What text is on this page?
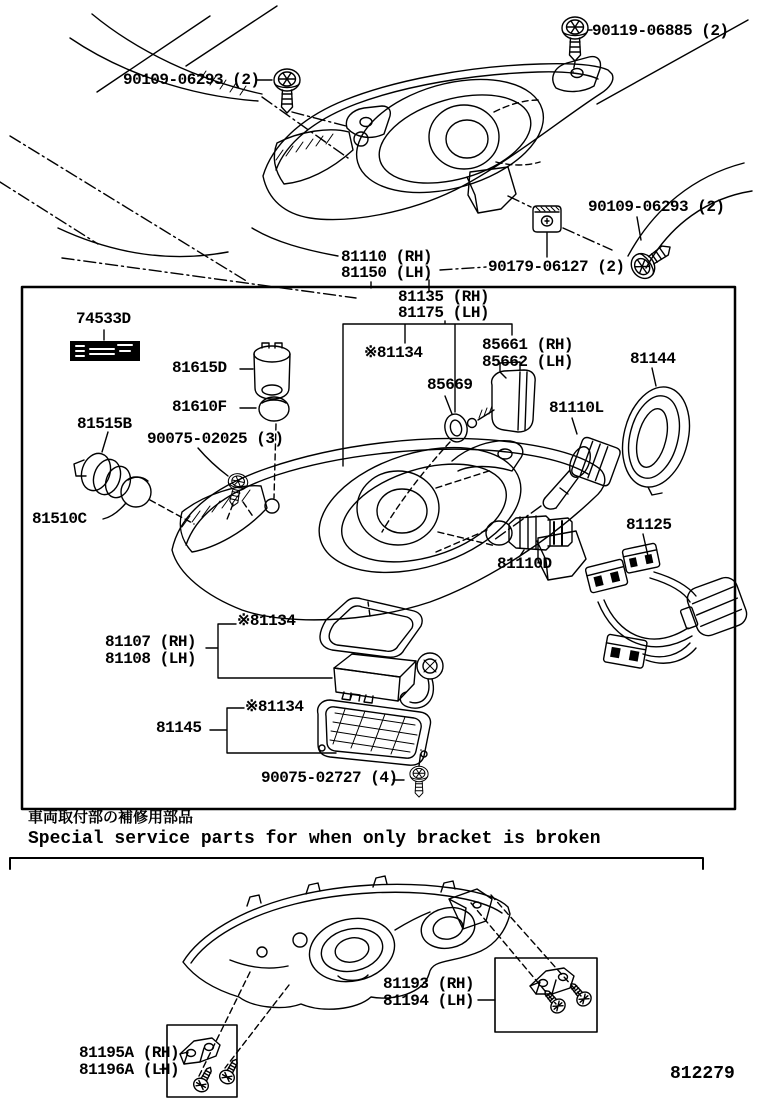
90119-06885 (2)
90109-06293 (2)
90109-06293 (2)
90179-06127 (2)
81110 (RH)
81150 (LH)
74533D
81135 (RH)
81175 (LH)
※81134	85661 (RH)
85662 (LH)	81144
81615D
85669
81610F	81110L
81515B
90075-02025 (3)
81510C
81110D
81125
※81134
81107 (RH)
81108 (LH)
※81134
81145
90075-02727 (4)
車両取付部の補修用部品
Special service parts for when only bracket is broken
81193 (RH)
81194 (LH)
81195A (RH)
81196A (LH)	812279
